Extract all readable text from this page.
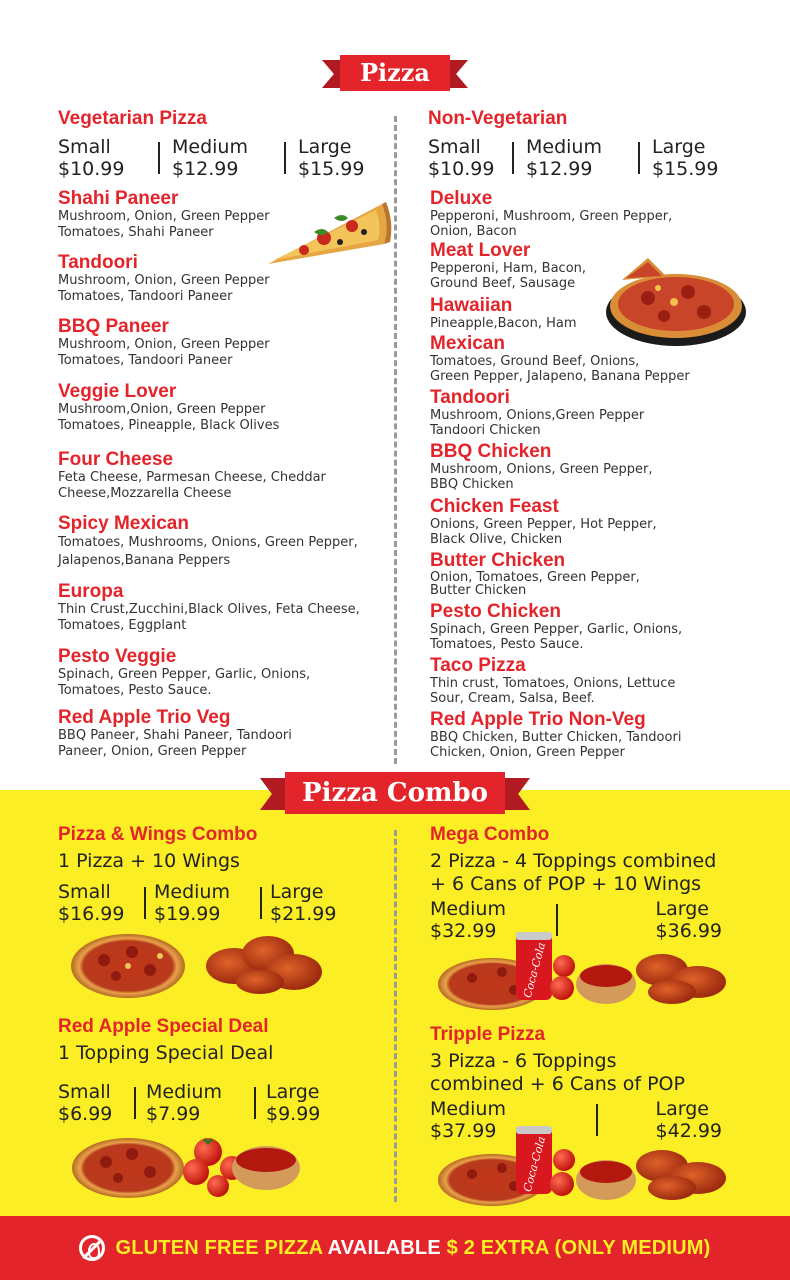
Pizza
Vegetarian Pizza
Small
$10.99
Medium
$12.99
Large
$15.99
Shahi Paneer
Mushroom, Onion, Green Pepper
Tomatoes, Shahi Paneer
Tandoori
Mushroom, Onion, Green Pepper
Tomatoes, Tandoori Paneer
BBQ Paneer
Mushroom, Onion, Green Pepper
Tomatoes, Tandoori Paneer
Veggie Lover
Mushroom,Onion, Green Pepper
Tomatoes, Pineapple, Black Olives
Four Cheese
Feta Cheese, Parmesan Cheese, Cheddar
Cheese,Mozzarella Cheese
Spicy Mexican
Tomatoes, Mushrooms, Onions, Green Pepper,
Jalapenos,Banana Peppers
Europa
Thin Crust,Zucchini,Black Olives, Feta Cheese,
Tomatoes, Eggplant
Pesto Veggie
Spinach, Green Pepper, Garlic, Onions,
Tomatoes, Pesto Sauce.
Red Apple Trio Veg
BBQ Paneer, Shahi Paneer, Tandoori
Paneer, Onion, Green Pepper
Non-Vegetarian
Small
$10.99
Medium
$12.99
Large
$15.99
Deluxe
Pepperoni, Mushroom, Green Pepper,
Onion, Bacon
Meat Lover
Pepperoni, Ham, Bacon,
Ground Beef, Sausage
Hawaiian
Pineapple,Bacon, Ham
Mexican
Tomatoes, Ground Beef, Onions,
Green Pepper, Jalapeno, Banana Pepper
Tandoori
Mushroom, Onions,Green Pepper
Tandoori Chicken
BBQ Chicken
Mushroom, Onions, Green Pepper,
BBQ Chicken
Chicken Feast
Onions, Green Pepper, Hot Pepper,
Black Olive, Chicken
Butter Chicken
Onion, Tomatoes, Green Pepper,
Butter Chicken
Pesto Chicken
Spinach, Green Pepper, Garlic, Onions,
Tomatoes, Pesto Sauce.
Taco Pizza
Thin crust, Tomatoes, Onions, Lettuce
Sour, Cream, Salsa, Beef.
Red Apple Trio Non-Veg
BBQ Chicken, Butter Chicken, Tandoori
Chicken, Onion, Green Pepper
Pizza Combo
Pizza & Wings Combo
1 Pizza + 10 Wings
Small
$16.99
Medium
$19.99
Large
$21.99
Red Apple Special Deal
1 Topping Special Deal
Small
$6.99
Medium
$7.99
Large
$9.99
Mega Combo
2 Pizza - 4 Toppings combined
+ 6 Cans of POP + 10 Wings
Medium
$32.99
Large
$36.99
Coca-Cola
Tripple Pizza
3 Pizza - 6 Toppings
combined + 6 Cans of POP
Medium
$37.99
Large
$42.99
Coca-Cola
GLUTEN FREE PIZZA AVAILABLE $ 2 EXTRA (ONLY MEDIUM)
